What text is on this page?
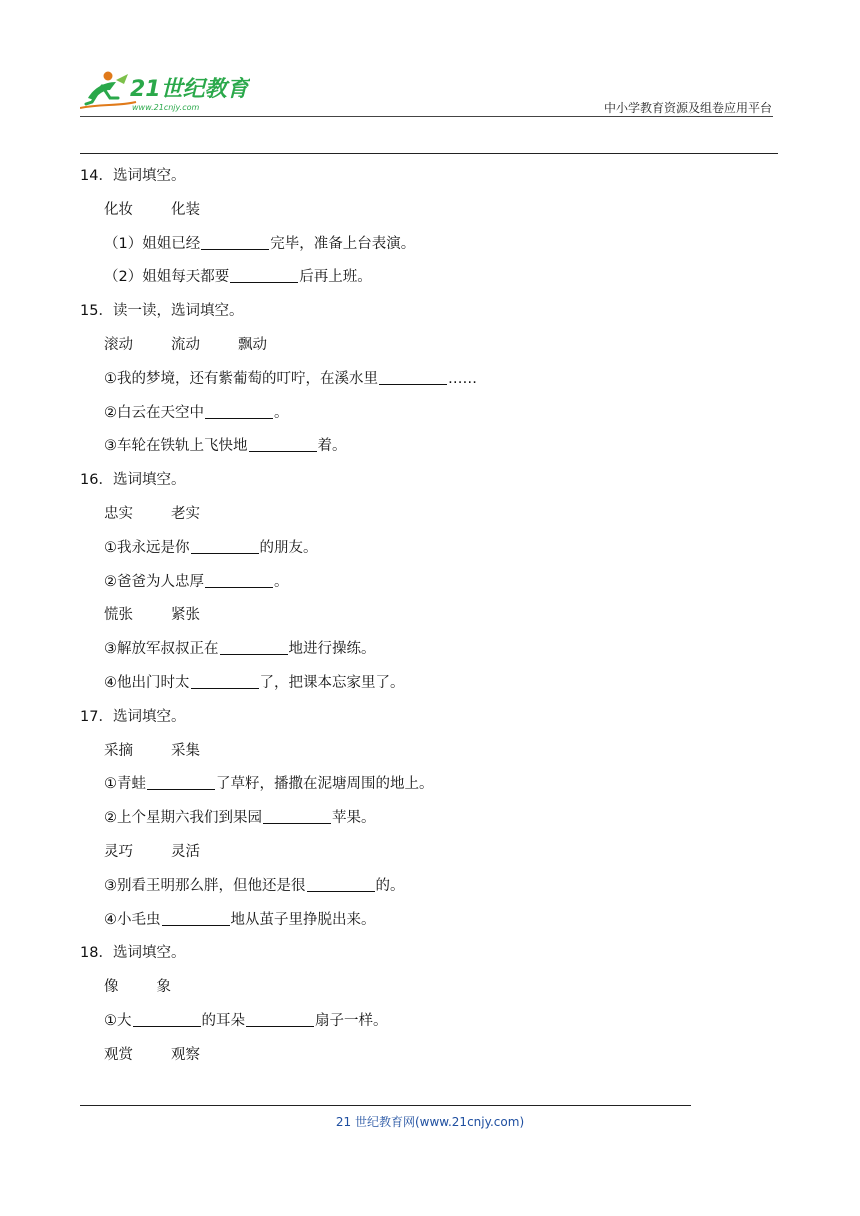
21世纪教育
www.21cnjy.com	中小学教育资源及组卷应用平台
14．选词填空。
化妆	化装
（1）姐姐已经	完毕，准备上台表演。
（2）姐姐每天都要	后再上班。
15．读一读，选词填空。
滚动	流动	飘动
①我的梦境，还有紫葡萄的叮咛，在溪水里	……
②白云在天空中	。
③车轮在铁轨上飞快地	着。
16．选词填空。
忠实	老实
①我永远是你	的朋友。
②爸爸为人忠厚	。
慌张	紧张
③解放军叔叔正在	地进行操练。
④他出门时太	了，把课本忘家里了。
17．选词填空。
采摘	采集
①青蛙	了草籽，播撒在泥塘周围的地上。
②上个星期六我们到果园	苹果。
灵巧	灵活
③别看王明那么胖，但他还是很	的。
④小毛虫	地从茧子里挣脱出来。
18．选词填空。
像	象
①大	的耳朵	扇子一样。
观赏	观察
21 世纪教育网(www.21cnjy.com)
